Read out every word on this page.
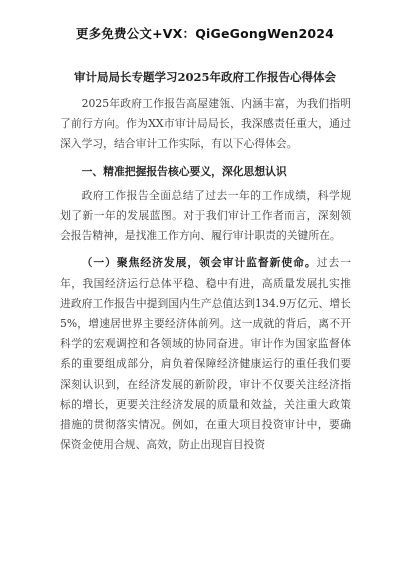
更多免费公文+VX：QiGeGongWen2024
审计局局长专题学习2025年政府工作报告心得体会

2025年政府工作报告高屋建瓴、内涵丰富，为我们指明了前行方向。作为XX市审计局局长，我深感责任重大，通过深入学习，结合审计工作实际，有以下心得体会。

一、精准把握报告核心要义，深化思想认识

政府工作报告全面总结了过去一年的工作成绩，科学规划了新一年的发展蓝图。对于我们审计工作者而言，深刻领会报告精神，是找准工作方向、履行审计职责的关键所在。

（一）聚焦经济发展，领会审计监督新使命。过去一年，我国经济运行总体平稳、稳中有进，高质量发展扎实推进政府工作报告中提到国内生产总值达到134.9万亿元、增长5%，增速居世界主要经济体前列。这一成就的背后，离不开科学的宏观调控和各领域的协同奋进。审计作为国家监督体系的重要组成部分，肩负着保障经济健康运行的重任我们要深刻认识到，在经济发展的新阶段，审计不仅要关注经济指标的增长，更要关注经济发展的质量和效益，关注重大政策措施的贯彻落实情况。例如，在重大项目投资审计中，要确保资金使用合规、高效，防止出现盲目投资
